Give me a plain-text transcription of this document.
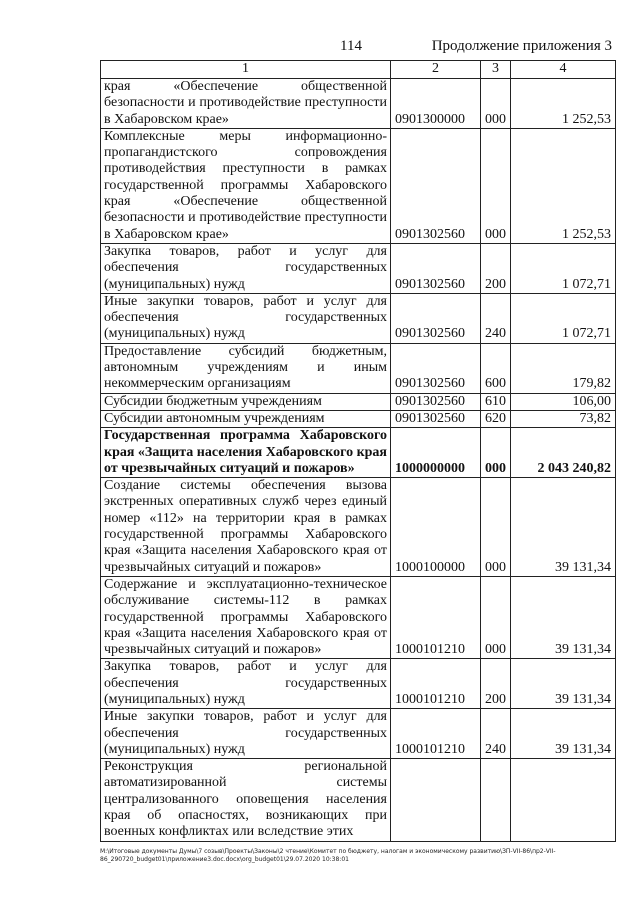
114	Продолжение приложения 3
1	2	3	4
края «Обеспечение общественной безопасности и противодействие преступности в Хабаровском крае»	0901300000	000	1 252,53
Комплексные меры информационно-пропагандистского сопровождения противодействия преступности в рамках государственной программы Хабаровского края «Обеспечение общественной безопасности и противодействие преступности в Хабаровском крае»	0901302560	000	1 252,53
Закупка товаров, работ и услуг для обеспечения государственных (муниципальных) нужд	0901302560	200	1 072,71
Иные закупки товаров, работ и услуг для обеспечения государственных (муниципальных) нужд	0901302560	240	1 072,71
Предоставление субсидий бюджетным, автономным учреждениям и иным некоммерческим организациям	0901302560	600	179,82
Субсидии бюджетным учреждениям	0901302560	610	106,00
Субсидии автономным учреждениям	0901302560	620	73,82
Государственная программа Хабаровского края «Защита населения Хабаровского края от чрезвычайных ситуаций и пожаров»	1000000000	000	2 043 240,82
Создание системы обеспечения вызова экстренных оперативных служб через единый номер «112» на территории края в рамках государственной программы Хабаровского края «Защита населения Хабаровского края от чрезвычайных ситуаций и пожаров»	1000100000	000	39 131,34
Содержание и эксплуатационно-техническое обслуживание системы-112 в рамках государственной программы Хабаровского края «Защита населения Хабаровского края от чрезвычайных ситуаций и пожаров»	1000101210	000	39 131,34
Закупка товаров, работ и услуг для обеспечения государственных (муниципальных) нужд	1000101210	200	39 131,34
Иные закупки товаров, работ и услуг для обеспечения государственных (муниципальных) нужд	1000101210	240	39 131,34
Реконструкция региональной автоматизированной системы централизованного оповещения населения края об опасностях, возникающих при военных конфликтах или вследствие этих			
M:\Итоговые документы Думы\7 созыв\Проекты\Законы\2 чтение\Комитет по бюджету, налогам и экономическому развитию\ЗП-VII-86\пр2-VII-86_290720_budget01\приложение3.doc.docx\org_budget01\29.07.2020 10:38:01
